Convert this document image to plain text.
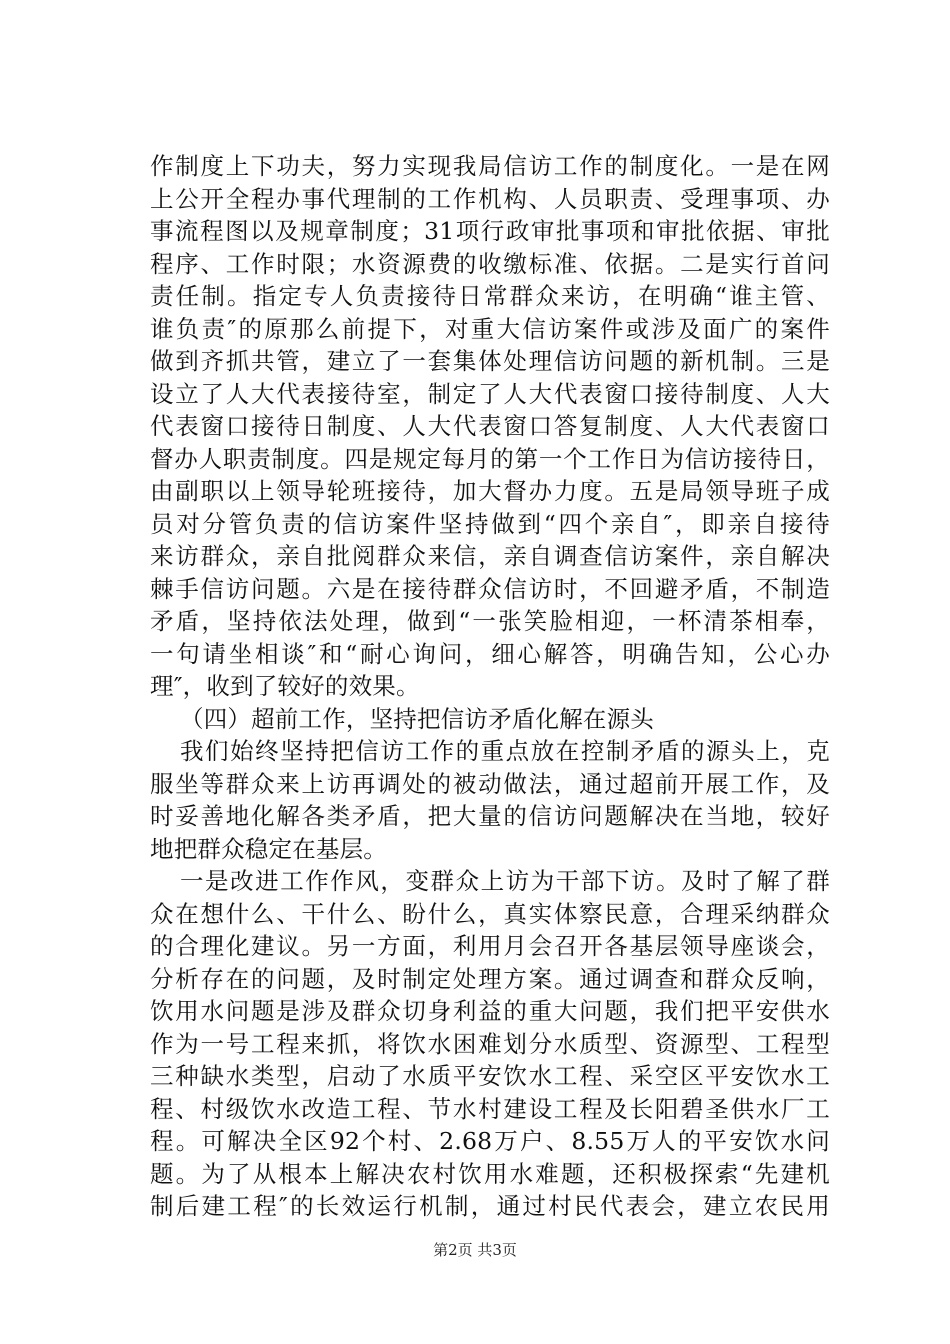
作制度上下功夫，努力实现我局信访工作的制度化。一是在网
上公开全程办事代理制的工作机构、人员职责、受理事项、办
事流程图以及规章制度；31项行政审批事项和审批依据、审批
程序、工作时限；水资源费的收缴标准、依据。二是实行首问
责任制。指定专人负责接待日常群众来访，在明确“谁主管、
谁负责″的原那么前提下，对重大信访案件或涉及面广的案件
做到齐抓共管，建立了一套集体处理信访问题的新机制。三是
设立了人大代表接待室，制定了人大代表窗口接待制度、人大
代表窗口接待日制度、人大代表窗口答复制度、人大代表窗口
督办人职责制度。四是规定每月的第一个工作日为信访接待日，
由副职以上领导轮班接待，加大督办力度。五是局领导班子成
员对分管负责的信访案件坚持做到“四个亲自″，即亲自接待
来访群众，亲自批阅群众来信，亲自调查信访案件，亲自解决
棘手信访问题。六是在接待群众信访时，不回避矛盾，不制造
矛盾，坚持依法处理，做到“一张笑脸相迎，一杯清茶相奉，
一句请坐相谈″和“耐心询问，细心解答，明确告知，公心办
理″，收到了较好的效果。
（四）超前工作，坚持把信访矛盾化解在源头
我们始终坚持把信访工作的重点放在控制矛盾的源头上，克
服坐等群众来上访再调处的被动做法，通过超前开展工作，及
时妥善地化解各类矛盾，把大量的信访问题解决在当地，较好
地把群众稳定在基层。
一是改进工作作风，变群众上访为干部下访。及时了解了群
众在想什么、干什么、盼什么，真实体察民意，合理采纳群众
的合理化建议。另一方面，利用月会召开各基层领导座谈会，
分析存在的问题，及时制定处理方案。通过调查和群众反响，
饮用水问题是涉及群众切身利益的重大问题，我们把平安供水
作为一号工程来抓，将饮水困难划分水质型、资源型、工程型
三种缺水类型，启动了水质平安饮水工程、采空区平安饮水工
程、村级饮水改造工程、节水村建设工程及长阳碧圣供水厂工
程。可解决全区92个村、2.68万户、8.55万人的平安饮水问
题。为了从根本上解决农村饮用水难题，还积极探索“先建机
制后建工程″的长效运行机制，通过村民代表会，建立农民用
第2页 共3页
